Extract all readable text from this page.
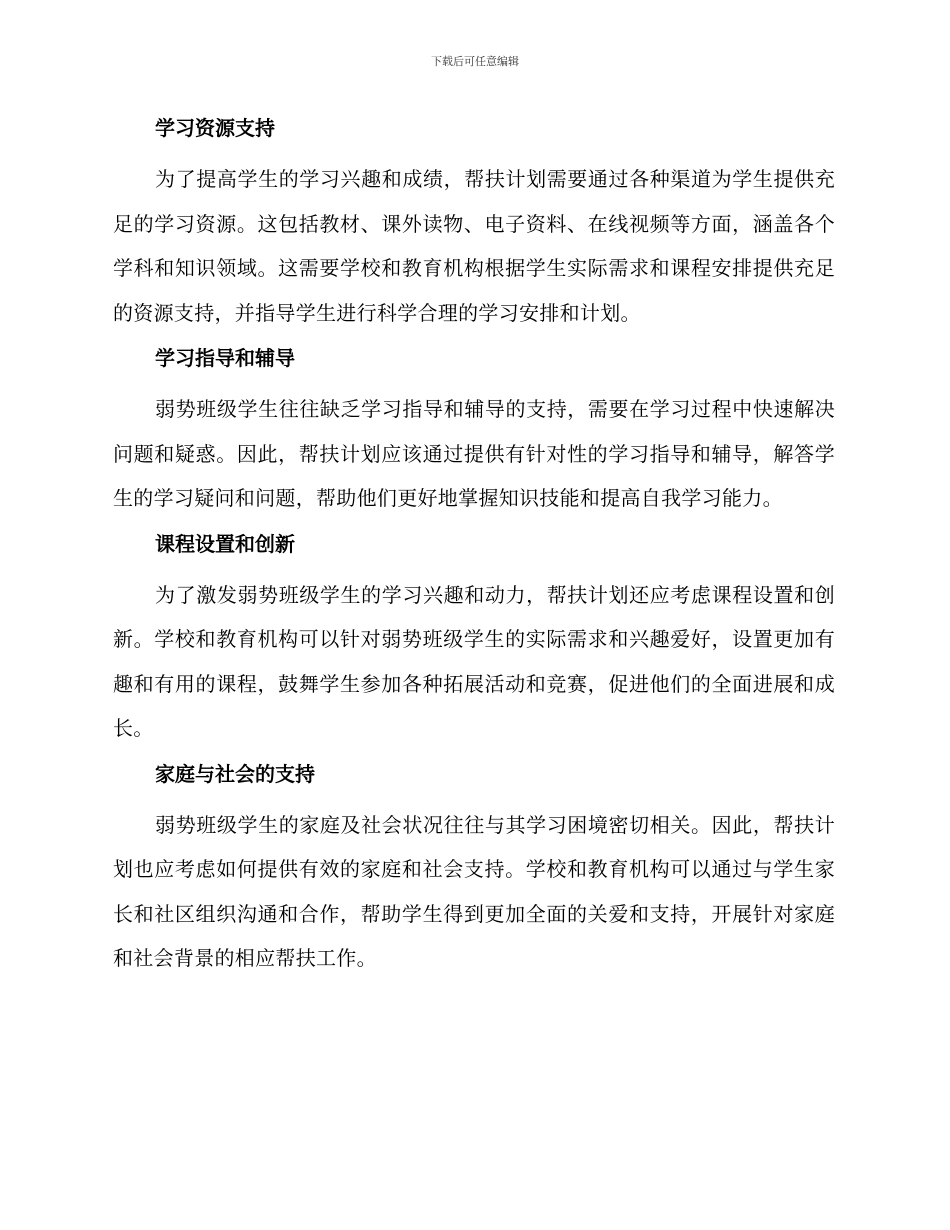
下载后可任意编辑
学习资源支持

为了提高学生的学习兴趣和成绩，帮扶计划需要通过各种渠道为学生提供充足的学习资源。这包括教材、课外读物、电子资料、在线视频等方面，涵盖各个学科和知识领域。这需要学校和教育机构根据学生实际需求和课程安排提供充足的资源支持，并指导学生进行科学合理的学习安排和计划。

学习指导和辅导

弱势班级学生往往缺乏学习指导和辅导的支持，需要在学习过程中快速解决问题和疑惑。因此，帮扶计划应该通过提供有针对性的学习指导和辅导，解答学生的学习疑问和问题，帮助他们更好地掌握知识技能和提高自我学习能力。

课程设置和创新

为了激发弱势班级学生的学习兴趣和动力，帮扶计划还应考虑课程设置和创新。学校和教育机构可以针对弱势班级学生的实际需求和兴趣爱好，设置更加有趣和有用的课程，鼓舞学生参加各种拓展活动和竞赛，促进他们的全面进展和成长。

家庭与社会的支持

弱势班级学生的家庭及社会状况往往与其学习困境密切相关。因此，帮扶计划也应考虑如何提供有效的家庭和社会支持。学校和教育机构可以通过与学生家长和社区组织沟通和合作，帮助学生得到更加全面的关爱和支持，开展针对家庭和社会背景的相应帮扶工作。
